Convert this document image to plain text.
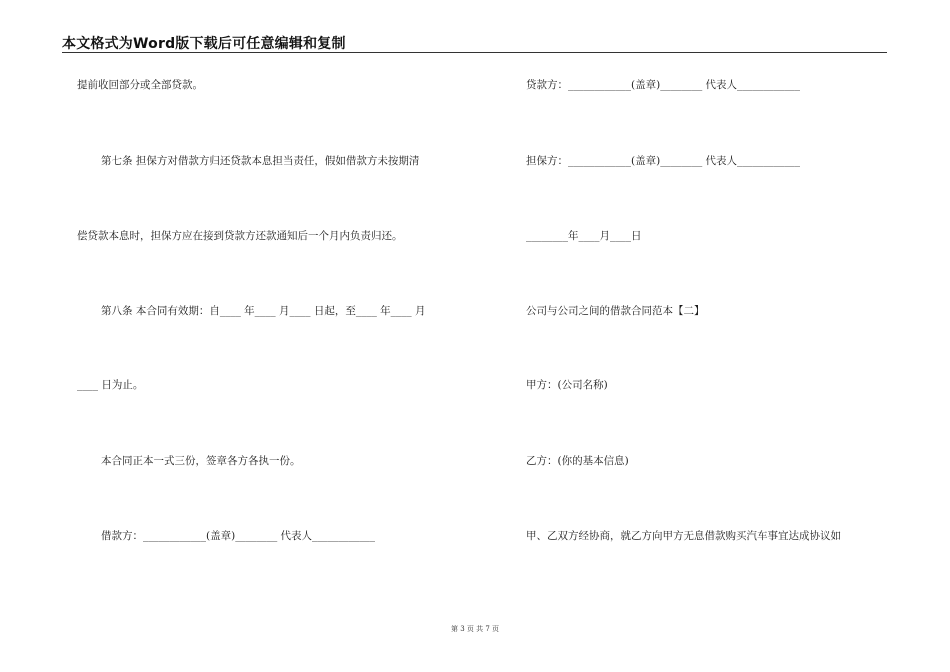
本文格式为Word版下载后可任意编辑和复制
提前收回部分或全部贷款。
第七条 担保方对借款方归还贷款本息担当责任，假如借款方未按期清
偿贷款本息时，担保方应在接到贷款方还款通知后一个月内负责归还。
第八条 本合同有效期：自____ 年____ 月____ 日起，至____ 年____ 月
____ 日为止。
本合同正本一式三份，签章各方各执一份。
借款方：____________(盖章)________ 代表人____________
贷款方：____________(盖章)________ 代表人____________
担保方：____________(盖章)________ 代表人____________
________年____月____日
公司与公司之间的借款合同范本【二】
甲方：(公司名称)
乙方：(你的基本信息)
甲、乙双方经协商，就乙方向甲方无息借款购买汽车事宜达成协议如
第 3 页 共 7 页
